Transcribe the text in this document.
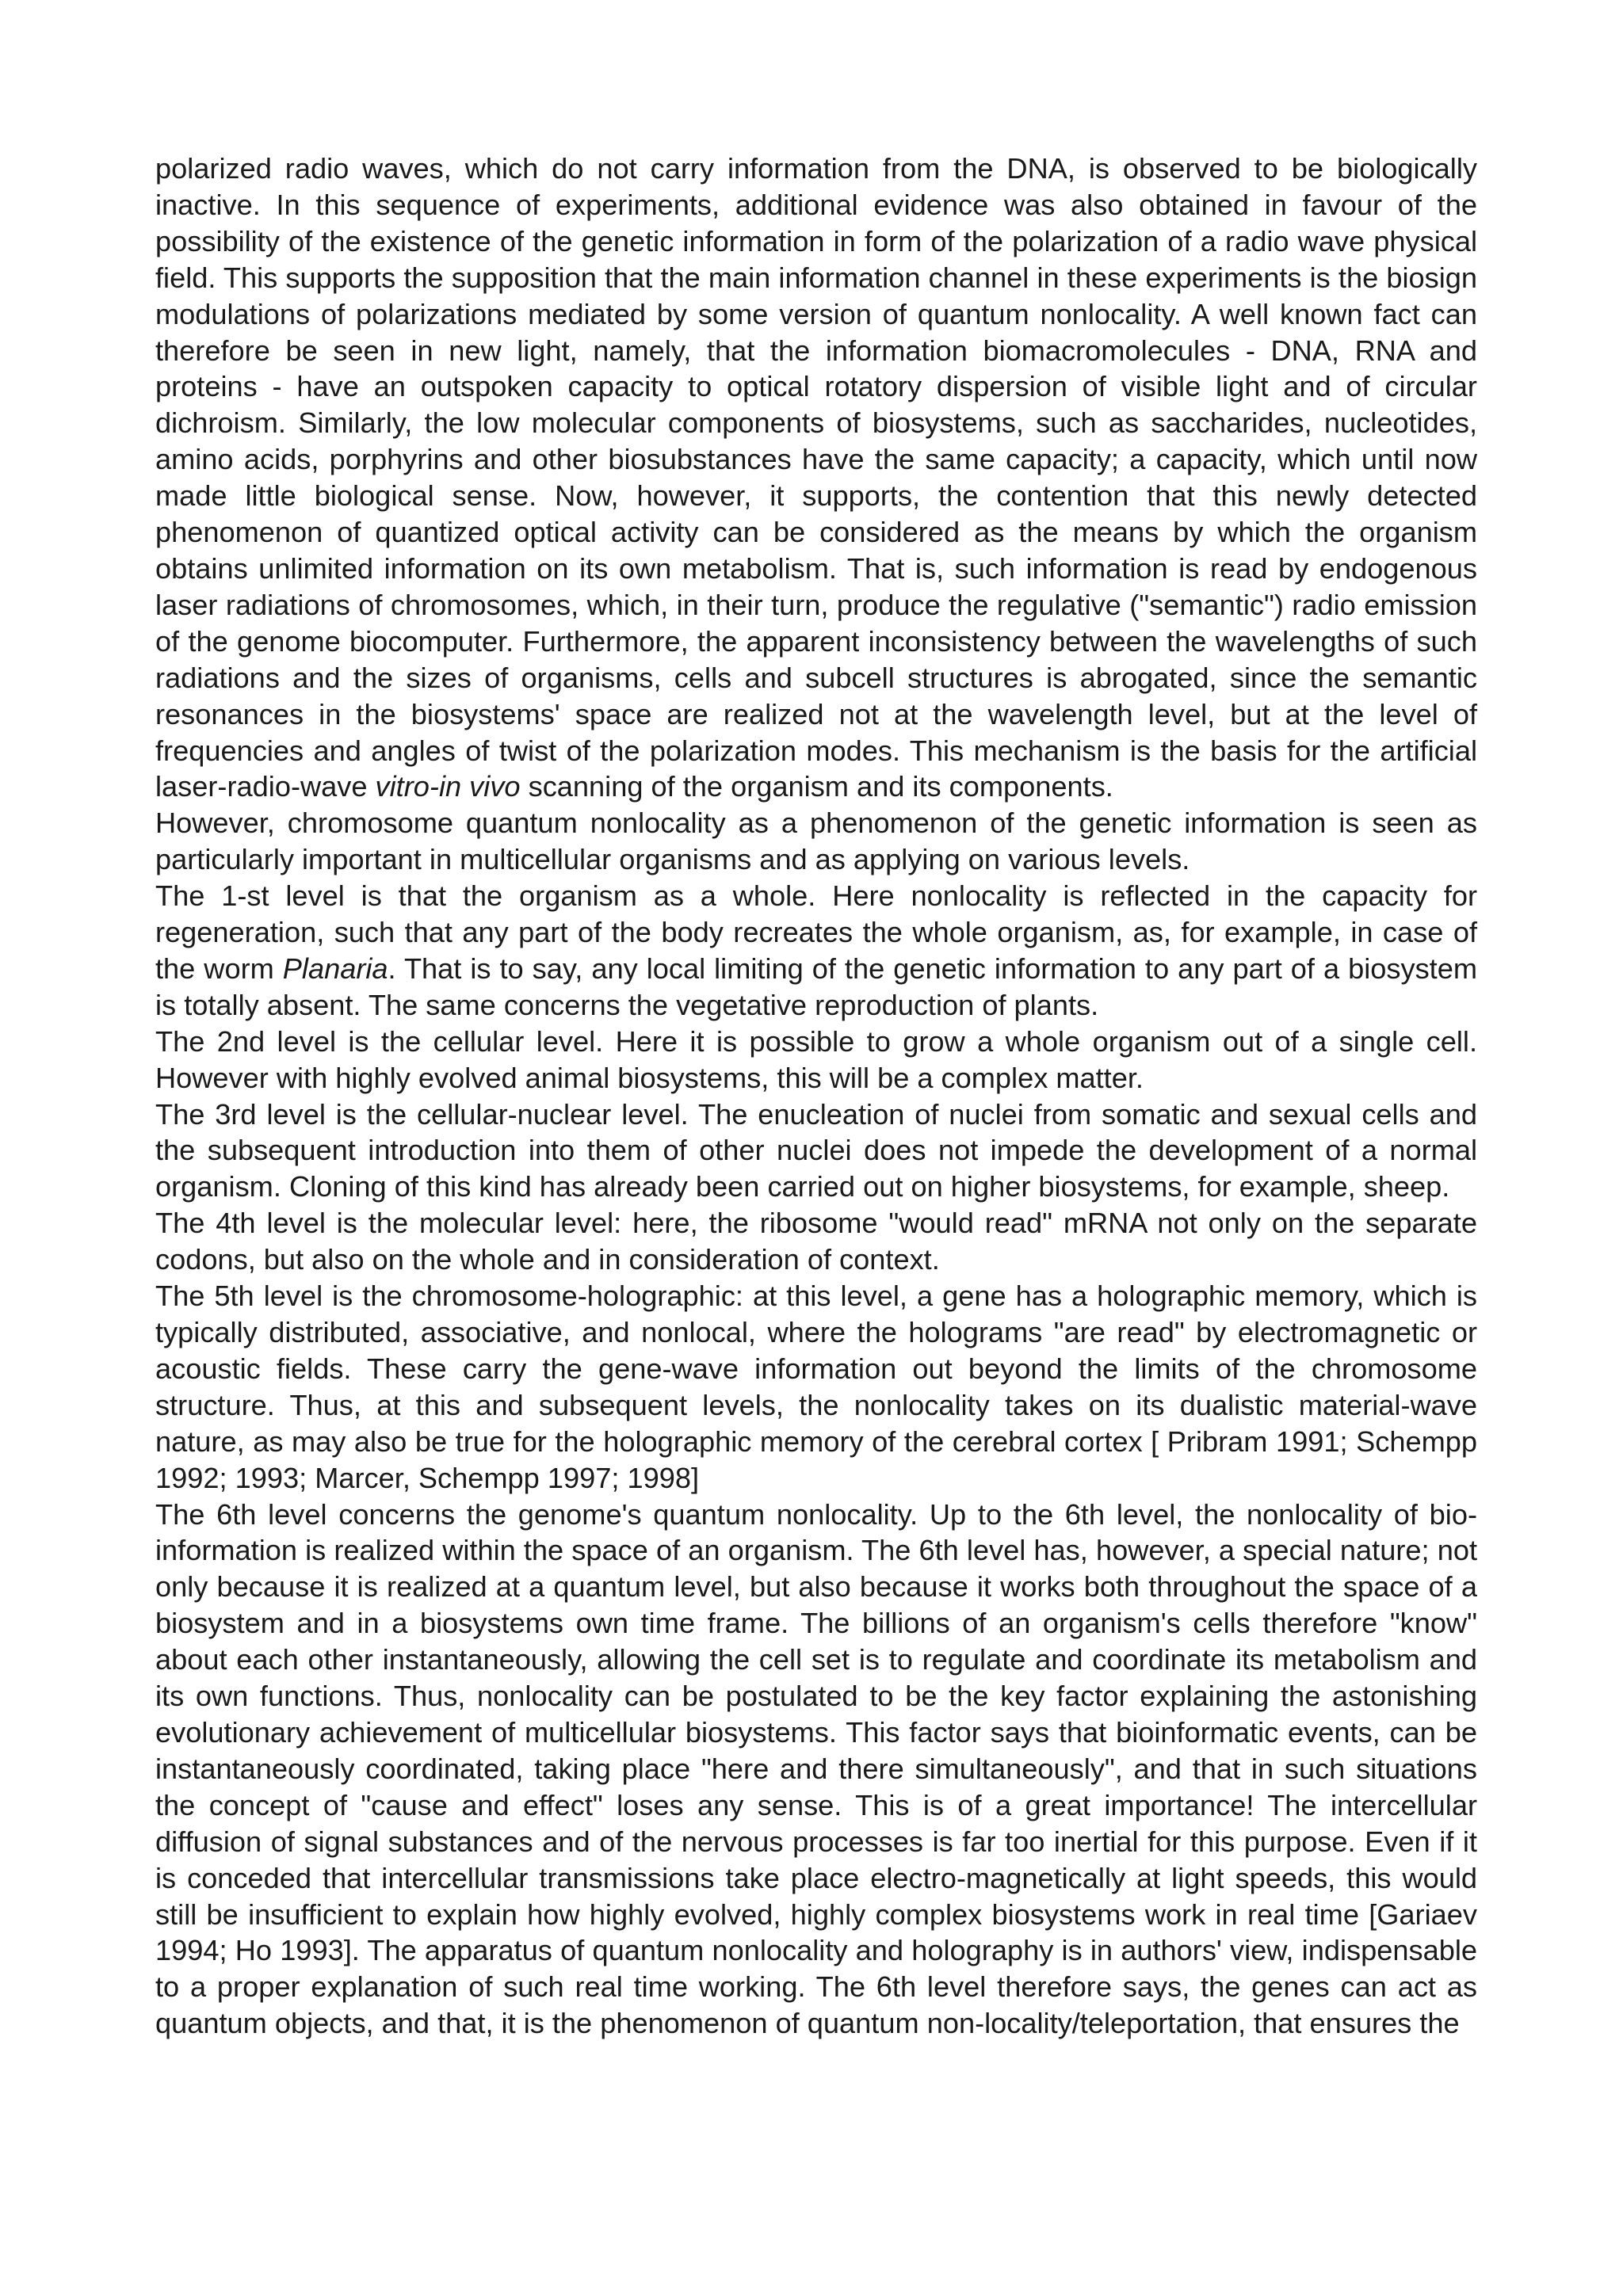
polarized radio waves, which do not carry information from the DNA, is observed to be biologically inactive. In this sequence of experiments, additional evidence was also obtained in favour of the possibility of the existence of the genetic information in form of the polarization of a radio wave physical field. This supports the supposition that the main information channel in these experiments is the biosign modulations of polarizations mediated by some version of quantum nonlocality. A well known fact can therefore be seen in new light, namely, that the information biomacromolecules - DNA, RNA and proteins - have an outspoken capacity to optical rotatory dispersion of visible light and of circular dichroism. Similarly, the low molecular components of biosystems, such as saccharides, nucleotides, amino acids, porphyrins and other biosubstances have the same capacity; a capacity, which until now made little biological sense. Now, however, it supports, the contention that this newly detected phenomenon of quantized optical activity can be considered as the means by which the organism obtains unlimited information on its own metabolism. That is, such information is read by endogenous laser radiations of chromosomes, which, in their turn, produce the regulative ("semantic") radio emission of the genome biocomputer. Furthermore, the apparent inconsistency between the wavelengths of such radiations and the sizes of organisms, cells and subcell structures is abrogated, since the semantic resonances in the biosystems' space are realized not at the wavelength level, but at the level of frequencies and angles of twist of the polarization modes. This mechanism is the basis for the artificial laser-radio-wave vitro-in vivo scanning of the organism and its components.

However, chromosome quantum nonlocality as a phenomenon of the genetic information is seen as particularly important in multicellular organisms and as applying on various levels.

The 1-st level is that the organism as a whole. Here nonlocality is reflected in the capacity for regeneration, such that any part of the body recreates the whole organism, as, for example, in case of the worm Planaria. That is to say, any local limiting of the genetic information to any part of a biosystem is totally absent. The same concerns the vegetative reproduction of plants.

The 2nd level is the cellular level. Here it is possible to grow a whole organism out of a single cell. However with highly evolved animal biosystems, this will be a complex matter.

The 3rd level is the cellular-nuclear level. The enucleation of nuclei from somatic and sexual cells and the subsequent introduction into them of other nuclei does not impede the development of a normal organism. Cloning of this kind has already been carried out on higher biosystems, for example, sheep.

The 4th level is the molecular level: here, the ribosome "would read" mRNA not only on the separate codons, but also on the whole and in consideration of context.

The 5th level is the chromosome-holographic: at this level, a gene has a holographic memory, which is typically distributed, associative, and nonlocal, where the holograms "are read" by electromagnetic or acoustic fields. These carry the gene-wave information out beyond the limits of the chromosome structure. Thus, at this and subsequent levels, the nonlocality takes on its dualistic material-wave nature, as may also be true for the holographic memory of the cerebral cortex [ Pribram 1991; Schempp 1992; 1993; Marcer, Schempp 1997; 1998]

The 6th level concerns the genome's quantum nonlocality. Up to the 6th level, the nonlocality of bio-information is realized within the space of an organism. The 6th level has, however, a special nature; not only because it is realized at a quantum level, but also because it works both throughout the space of a biosystem and in a biosystems own time frame. The billions of an organism's cells therefore "know" about each other instantaneously, allowing the cell set is to regulate and coordinate its metabolism and its own functions. Thus, nonlocality can be postulated to be the key factor explaining the astonishing evolutionary achievement of multicellular biosystems. This factor says that bioinformatic events, can be instantaneously coordinated, taking place "here and there simultaneously", and that in such situations the concept of "cause and effect" loses any sense. This is of a great importance! The intercellular diffusion of signal substances and of the nervous processes is far too inertial for this purpose. Even if it is conceded that intercellular transmissions take place electro-magnetically at light speeds, this would still be insufficient to explain how highly evolved, highly complex biosystems work in real time [Gariaev 1994; Ho 1993]. The apparatus of quantum nonlocality and holography is in authors' view, indispensable to a proper explanation of such real time working. The 6th level therefore says, the genes can act as quantum objects, and that, it is the phenomenon of quantum non-locality/teleportation, that ensures the
